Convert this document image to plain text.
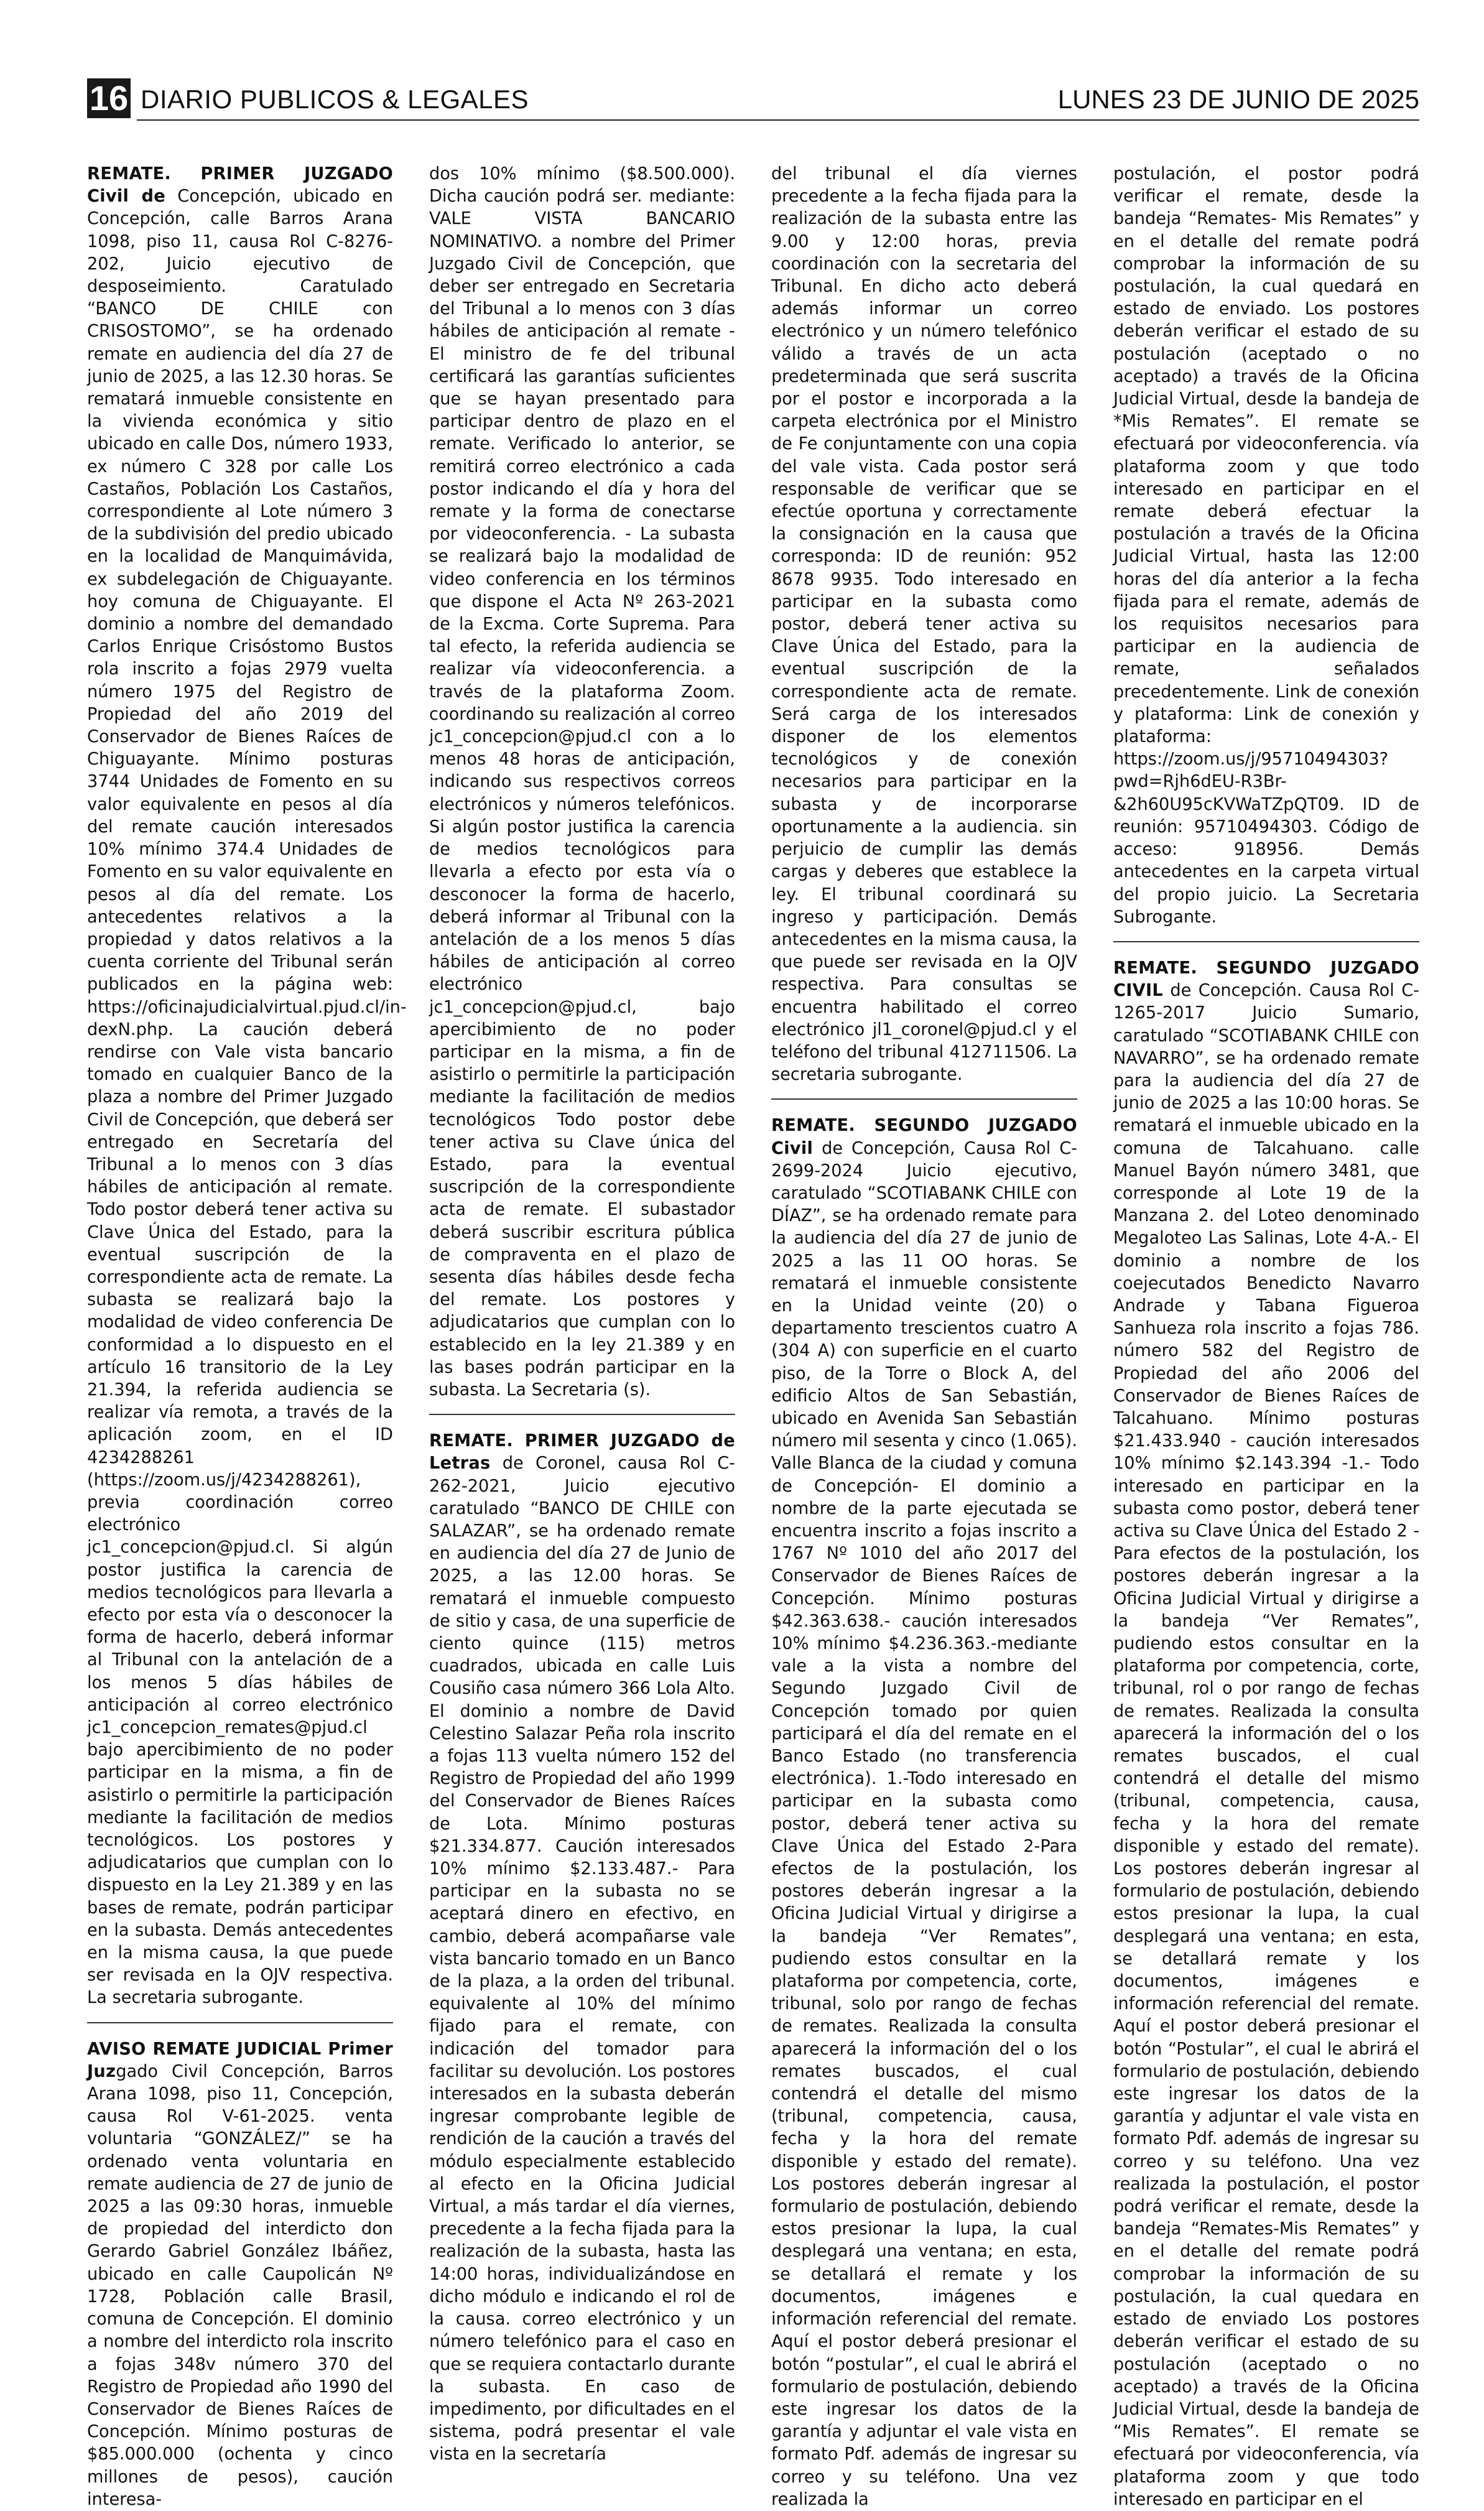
16 DIARIO PUBLICOS & LEGALES	LUNES 23 DE JUNIO DE 2025

REMATE. PRIMER JUZGADO Civil de Concepción, ubicado en Concepción, calle Barros Arana 1098, piso 11, causa Rol C-8276-202, Juicio ejecutivo de desposeimiento. Caratulado “BANCO DE CHILE con CRISOSTOMO”, se ha ordenado remate en audiencia del día 27 de junio de 2025, a las 12.30 horas. Se rematará inmueble consistente en la vivienda económica y sitio ubicado en calle Dos, número 1933, ex número C 328 por calle Los Castaños, Población Los Castaños, correspondiente al Lote número 3 de la subdivisión del predio ubicado en la localidad de Manquimávida, ex subdelegación de Chiguayante. hoy comuna de Chiguayante. El dominio a nombre del demandado Carlos Enrique Crisóstomo Bustos rola inscrito a fojas 2979 vuelta número 1975 del Registro de Propiedad del año 2019 del Conservador de Bienes Raíces de Chiguayante. Mínimo posturas 3744 Unidades de Fomento en su valor equivalente en pesos al día del remate caución interesados 10% mínimo 374.4 Unidades de Fomento en su valor equivalente en pesos al día del remate. Los antecedentes relativos a la propiedad y datos relativos a la cuenta corriente del Tribunal serán publicados en la página web: https://oficinajudicialvirtual.pjud.cl/in-dexN.php. La caución deberá rendirse con Vale vista bancario tomado en cualquier Banco de la plaza a nombre del Primer Juzgado Civil de Concepción, que deberá ser entregado en Secretaría del Tribunal a lo menos con 3 días hábiles de anticipación al remate. Todo postor deberá tener activa su Clave Única del Estado, para la eventual suscripción de la correspondiente acta de remate. La subasta se realizará bajo la modalidad de video conferencia De conformidad a lo dispuesto en el artículo 16 transitorio de la Ley 21.394, la referida audiencia se realizar vía remota, a través de la aplicación zoom, en el ID 4234288261 (https://zoom.us/j/4234288261), previa coordinación correo electrónico jc1_concepcion@pjud.cl. Si algún postor justifica la carencia de medios tecnológicos para llevarla a efecto por esta vía o desconocer la forma de hacerlo, deberá informar al Tribunal con la antelación de a los menos 5 días hábiles de anticipación al correo electrónico jc1_concepcion_remates@pjud.cl bajo apercibimiento de no poder participar en la misma, a fin de asistirlo o permitirle la participación mediante la facilitación de medios tecnológicos. Los postores y adjudicatarios que cumplan con lo dispuesto en la Ley 21.389 y en las bases de remate, podrán participar en la subasta. Demás antecedentes en la misma causa, la que puede ser revisada en la OJV respectiva. La secretaria subrogante.

AVISO REMATE JUDICIAL Primer Juzgado Civil Concepción, Barros Arana 1098, piso 11, Concepción, causa Rol V-61-2025. venta voluntaria “GONZÁLEZ/” se ha ordenado venta voluntaria en remate audiencia de 27 de junio de 2025 a las 09:30 horas, inmueble de propiedad del interdicto don Gerardo Gabriel González Ibáñez, ubicado en calle Caupolicán Nº 1728, Población calle Brasil, comuna de Concepción. El dominio a nombre del interdicto rola inscrito a fojas 348v número 370 del Registro de Propiedad año 1990 del Conservador de Bienes Raíces de Concepción. Mínimo posturas de $85.000.000 (ochenta y cinco millones de pesos), caución interesa-

dos 10% mínimo ($8.500.000). Dicha caución podrá ser. mediante: VALE VISTA BANCARIO NOMINATIVO. a nombre del Primer Juzgado Civil de Concepción, que deber ser entregado en Secretaria del Tribunal a lo menos con 3 días hábiles de anticipación al remate - El ministro de fe del tribunal certificará las garantías suficientes que se hayan presentado para participar dentro de plazo en el remate. Verificado lo anterior, se remitirá correo electrónico a cada postor indicando el día y hora del remate y la forma de conectarse por videoconferencia. - La subasta se realizará bajo la modalidad de video conferencia en los términos que dispone el Acta Nº 263-2021 de la Excma. Corte Suprema. Para tal efecto, la referida audiencia se realizar vía videoconferencia. a través de la plataforma Zoom. coordinando su realización al correo jc1_concepcion@pjud.cl con a lo menos 48 horas de anticipación, indicando sus respectivos correos electrónicos y números telefónicos. Si algún postor justifica la carencia de medios tecnológicos para llevarla a efecto por esta vía o desconocer la forma de hacerlo, deberá informar al Tribunal con la antelación de a los menos 5 días hábiles de anticipación al correo electrónico jc1_concepcion@pjud.cl, bajo apercibimiento de no poder participar en la misma, a fin de asistirlo o permitirle la participación mediante la facilitación de medios tecnológicos Todo postor debe tener activa su Clave única del Estado, para la eventual suscripción de la correspondiente acta de remate. El subastador deberá suscribir escritura pública de compraventa en el plazo de sesenta días hábiles desde fecha del remate. Los postores y adjudicatarios que cumplan con lo establecido en la ley 21.389 y en las bases podrán participar en la subasta. La Secretaria (s).

REMATE. PRIMER JUZGADO de Letras de Coronel, causa Rol C-262-2021, Juicio ejecutivo caratulado “BANCO DE CHILE con SALAZAR”, se ha ordenado remate en audiencia del día 27 de Junio de 2025, a las 12.00 horas. Se rematará el inmueble compuesto de sitio y casa, de una superficie de ciento quince (115) metros cuadrados, ubicada en calle Luis Cousiño casa número 366 Lola Alto. El dominio a nombre de David Celestino Salazar Peña rola inscrito a fojas 113 vuelta número 152 del Registro de Propiedad del año 1999 del Conservador de Bienes Raíces de Lota. Mínimo posturas $21.334.877. Caución interesados 10% mínimo $2.133.487.- Para participar en la subasta no se aceptará dinero en efectivo, en cambio, deberá acompañarse vale vista bancario tomado en un Banco de la plaza, a la orden del tribunal. equivalente al 10% del mínimo fijado para el remate, con indicación del tomador para facilitar su devolución. Los postores interesados en la subasta deberán ingresar comprobante legible de rendición de la caución a través del módulo especialmente establecido al efecto en la Oficina Judicial Virtual, a más tardar el día viernes, precedente a la fecha fijada para la realización de la subasta, hasta las 14:00 horas, individualizándose en dicho módulo e indicando el rol de la causa. correo electrónico y un número telefónico para el caso en que se requiera contactarlo durante la subasta. En caso de impedimento, por dificultades en el sistema, podrá presentar el vale vista en la secretaría

del tribunal el día viernes precedente a la fecha fijada para la realización de la subasta entre las 9.00 y 12:00 horas, previa coordinación con la secretaria del Tribunal. En dicho acto deberá además informar un correo electrónico y un número telefónico válido a través de un acta predeterminada que será suscrita por el postor e incorporada a la carpeta electrónica por el Ministro de Fe conjuntamente con una copia del vale vista. Cada postor será responsable de verificar que se efectúe oportuna y correctamente la consignación en la causa que corresponda: ID de reunión: 952 8678 9935. Todo interesado en participar en la subasta como postor, deberá tener activa su Clave Única del Estado, para la eventual suscripción de la correspondiente acta de remate. Será carga de los interesados disponer de los elementos tecnológicos y de conexión necesarios para participar en la subasta y de incorporarse oportunamente a la audiencia. sin perjuicio de cumplir las demás cargas y deberes que establece la ley. El tribunal coordinará su ingreso y participación. Demás antecedentes en la misma causa, la que puede ser revisada en la OJV respectiva. Para consultas se encuentra habilitado el correo electrónico jl1_coronel@pjud.cl y el teléfono del tribunal 412711506. La secretaria subrogante.

REMATE. SEGUNDO JUZGADO Civil de Concepción, Causa Rol C-2699-2024 Juicio ejecutivo, caratulado “SCOTIABANK CHILE con DÍAZ”, se ha ordenado remate para la audiencia del día 27 de junio de 2025 a las 11 OO horas. Se rematará el inmueble consistente en la Unidad veinte (20) o departamento trescientos cuatro A (304 A) con superficie en el cuarto piso, de la Torre o Block A, del edificio Altos de San Sebastián, ubicado en Avenida San Sebastián número mil sesenta y cinco (1.065). Valle Blanca de la ciudad y comuna de Concepción- El dominio a nombre de la parte ejecutada se encuentra inscrito a fojas inscrito a 1767 Nº 1010 del año 2017 del Conservador de Bienes Raíces de Concepción. Mínimo posturas $42.363.638.- caución interesados 10% mínimo $4.236.363.-mediante vale a la vista a nombre del Segundo Juzgado Civil de Concepción tomado por quien participará el día del remate en el Banco Estado (no transferencia electrónica). 1.-Todo interesado en participar en la subasta como postor, deberá tener activa su Clave Única del Estado 2-Para efectos de la postulación, los postores deberán ingresar a la Oficina Judicial Virtual y dirigirse a la bandeja “Ver Remates”, pudiendo estos consultar en la plataforma por competencia, corte, tribunal, solo por rango de fechas de remates. Realizada la consulta aparecerá la información del o los remates buscados, el cual contendrá el detalle del mismo (tribunal, competencia, causa, fecha y la hora del remate disponible y estado del remate). Los postores deberán ingresar al formulario de postulación, debiendo estos presionar la lupa, la cual desplegará una ventana; en esta, se detallará el remate y los documentos, imágenes e información referencial del remate. Aquí el postor deberá presionar el botón “postular”, el cual le abrirá el formulario de postulación, debiendo este ingresar los datos de la garantía y adjuntar el vale vista en formato Pdf. además de ingresar su correo y su teléfono. Una vez realizada la

postulación, el postor podrá verificar el remate, desde la bandeja “Remates- Mis Remates” y en el detalle del remate podrá comprobar la información de su postulación, la cual quedará en estado de enviado. Los postores deberán verificar el estado de su postulación (aceptado o no aceptado) a través de la Oficina Judicial Virtual, desde la bandeja de *Mis Remates”. El remate se efectuará por videoconferencia. vía plataforma zoom y que todo interesado en participar en el remate deberá efectuar la postulación a través de la Oficina Judicial Virtual, hasta las 12:00 horas del día anterior a la fecha fijada para el remate, además de los requisitos necesarios para participar en la audiencia de remate, señalados precedentemente. Link de conexión y plataforma: Link de conexión y plataforma: https://zoom.us/j/95710494303?pwd=Rjh6dEU-R3Br-&2h60U95cKVWaTZpQT09. ID de reunión: 95710494303. Código de acceso: 918956. Demás antecedentes en la carpeta virtual del propio juicio. La Secretaria Subrogante.

REMATE. SEGUNDO JUZGADO CIVIL de Concepción. Causa Rol C-1265-2017 Juicio Sumario, caratulado “SCOTIABANK CHILE con NAVARRO”, se ha ordenado remate para la audiencia del día 27 de junio de 2025 a las 10:00 horas. Se rematará el inmueble ubicado en la comuna de Talcahuano. calle Manuel Bayón número 3481, que corresponde al Lote 19 de la Manzana 2. del Loteo denominado Megaloteo Las Salinas, Lote 4-A.- El dominio a nombre de los coejecutados Benedicto Navarro Andrade y Tabana Figueroa Sanhueza rola inscrito a fojas 786. número 582 del Registro de Propiedad del año 2006 del Conservador de Bienes Raíces de Talcahuano. Mínimo posturas $21.433.940 - caución interesados 10% mínimo $2.143.394 -1.- Todo interesado en participar en la subasta como postor, deberá tener activa su Clave Única del Estado 2 -Para efectos de la postulación, los postores deberán ingresar a la Oficina Judicial Virtual y dirigirse a la bandeja “Ver Remates”, pudiendo estos consultar en la plataforma por competencia, corte, tribunal, rol o por rango de fechas de remates. Realizada la consulta aparecerá la información del o los remates buscados, el cual contendrá el detalle del mismo (tribunal, competencia, causa, fecha y la hora del remate disponible y estado del remate). Los postores deberán ingresar al formulario de postulación, debiendo estos presionar la lupa, la cual desplegará una ventana; en esta, se detallará remate y los documentos, imágenes e información referencial del remate. Aquí el postor deberá presionar el botón “Postular”, el cual le abrirá el formulario de postulación, debiendo este ingresar los datos de la garantía y adjuntar el vale vista en formato Pdf. además de ingresar su correo y su teléfono. Una vez realizada la postulación, el postor podrá verificar el remate, desde la bandeja “Remates-Mis Remates” y en el detalle del remate podrá comprobar la información de su postulación, la cual quedara en estado de enviado Los postores deberán verificar el estado de su postulación (aceptado o no aceptado) a través de la Oficina Judicial Virtual, desde la bandeja de “Mis Remates”. El remate se efectuará por videoconferencia, vía plataforma zoom y que todo interesado en participar en el
